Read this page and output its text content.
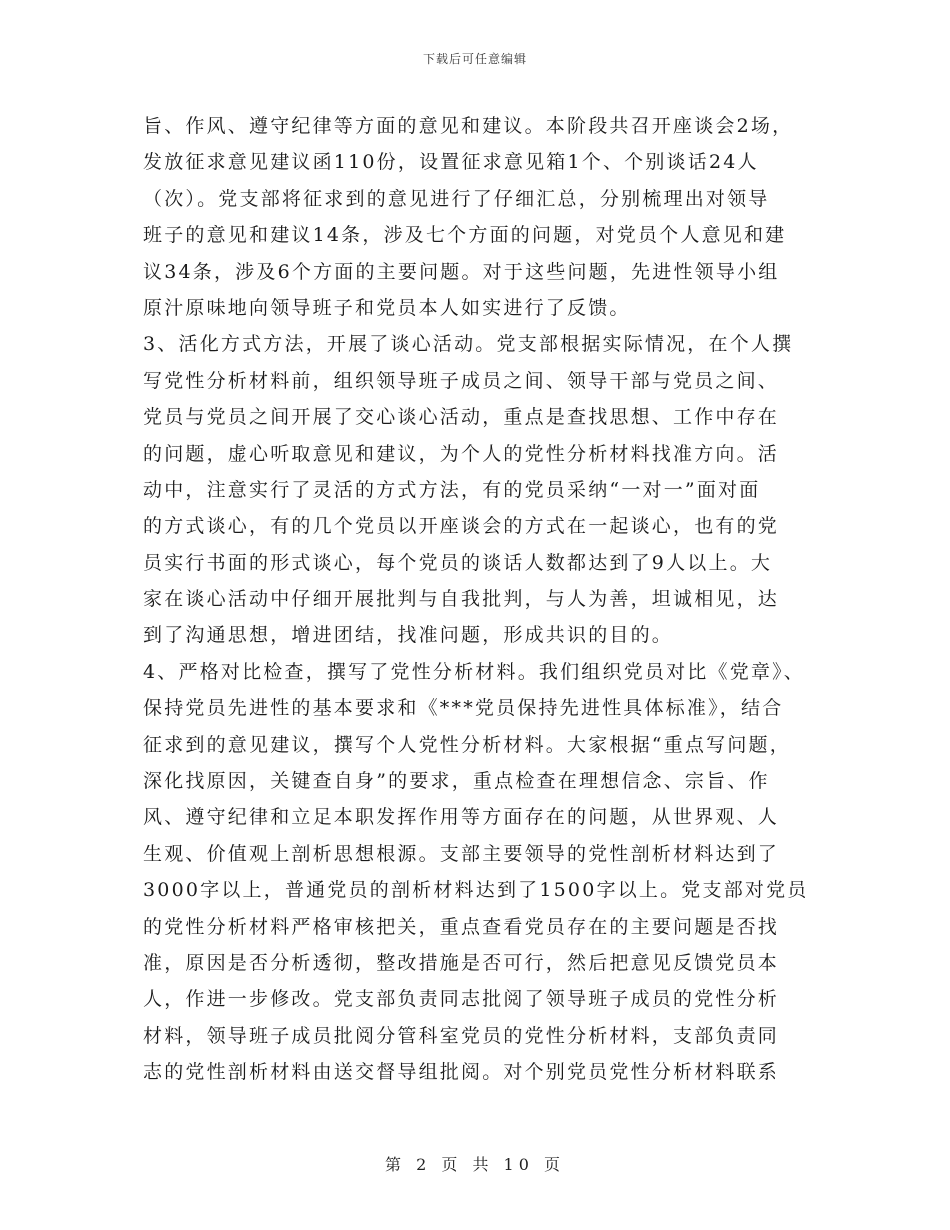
下载后可任意编辑
旨、作风、遵守纪律等方面的意见和建议。本阶段共召开座谈会2场，
发放征求意见建议函110份，设置征求意见箱1个、个别谈话24人
（次）。党支部将征求到的意见进行了仔细汇总，分别梳理出对领导
班子的意见和建议14条，涉及七个方面的问题，对党员个人意见和建
议34条，涉及6个方面的主要问题。对于这些问题，先进性领导小组
原汁原味地向领导班子和党员本人如实进行了反馈。
3、活化方式方法，开展了谈心活动。党支部根据实际情况，在个人撰
写党性分析材料前，组织领导班子成员之间、领导干部与党员之间、
党员与党员之间开展了交心谈心活动，重点是查找思想、工作中存在
的问题，虚心听取意见和建议，为个人的党性分析材料找准方向。活
动中，注意实行了灵活的方式方法，有的党员采纳“一对一”面对面
的方式谈心，有的几个党员以开座谈会的方式在一起谈心，也有的党
员实行书面的形式谈心，每个党员的谈话人数都达到了9人以上。大
家在谈心活动中仔细开展批判与自我批判，与人为善，坦诚相见，达
到了沟通思想，增进团结，找准问题，形成共识的目的。
4、严格对比检查，撰写了党性分析材料。我们组织党员对比《党章》、
保持党员先进性的基本要求和《***党员保持先进性具体标准》，结合
征求到的意见建议，撰写个人党性分析材料。大家根据“重点写问题，
深化找原因，关键查自身”的要求，重点检查在理想信念、宗旨、作
风、遵守纪律和立足本职发挥作用等方面存在的问题，从世界观、人
生观、价值观上剖析思想根源。支部主要领导的党性剖析材料达到了
3000字以上，普通党员的剖析材料达到了1500字以上。党支部对党员
的党性分析材料严格审核把关，重点查看党员存在的主要问题是否找
准，原因是否分析透彻，整改措施是否可行，然后把意见反馈党员本
人，作进一步修改。党支部负责同志批阅了领导班子成员的党性分析
材料，领导班子成员批阅分管科室党员的党性分析材料，支部负责同
志的党性剖析材料由送交督导组批阅。对个别党员党性分析材料联系
第 2 页 共 10 页
